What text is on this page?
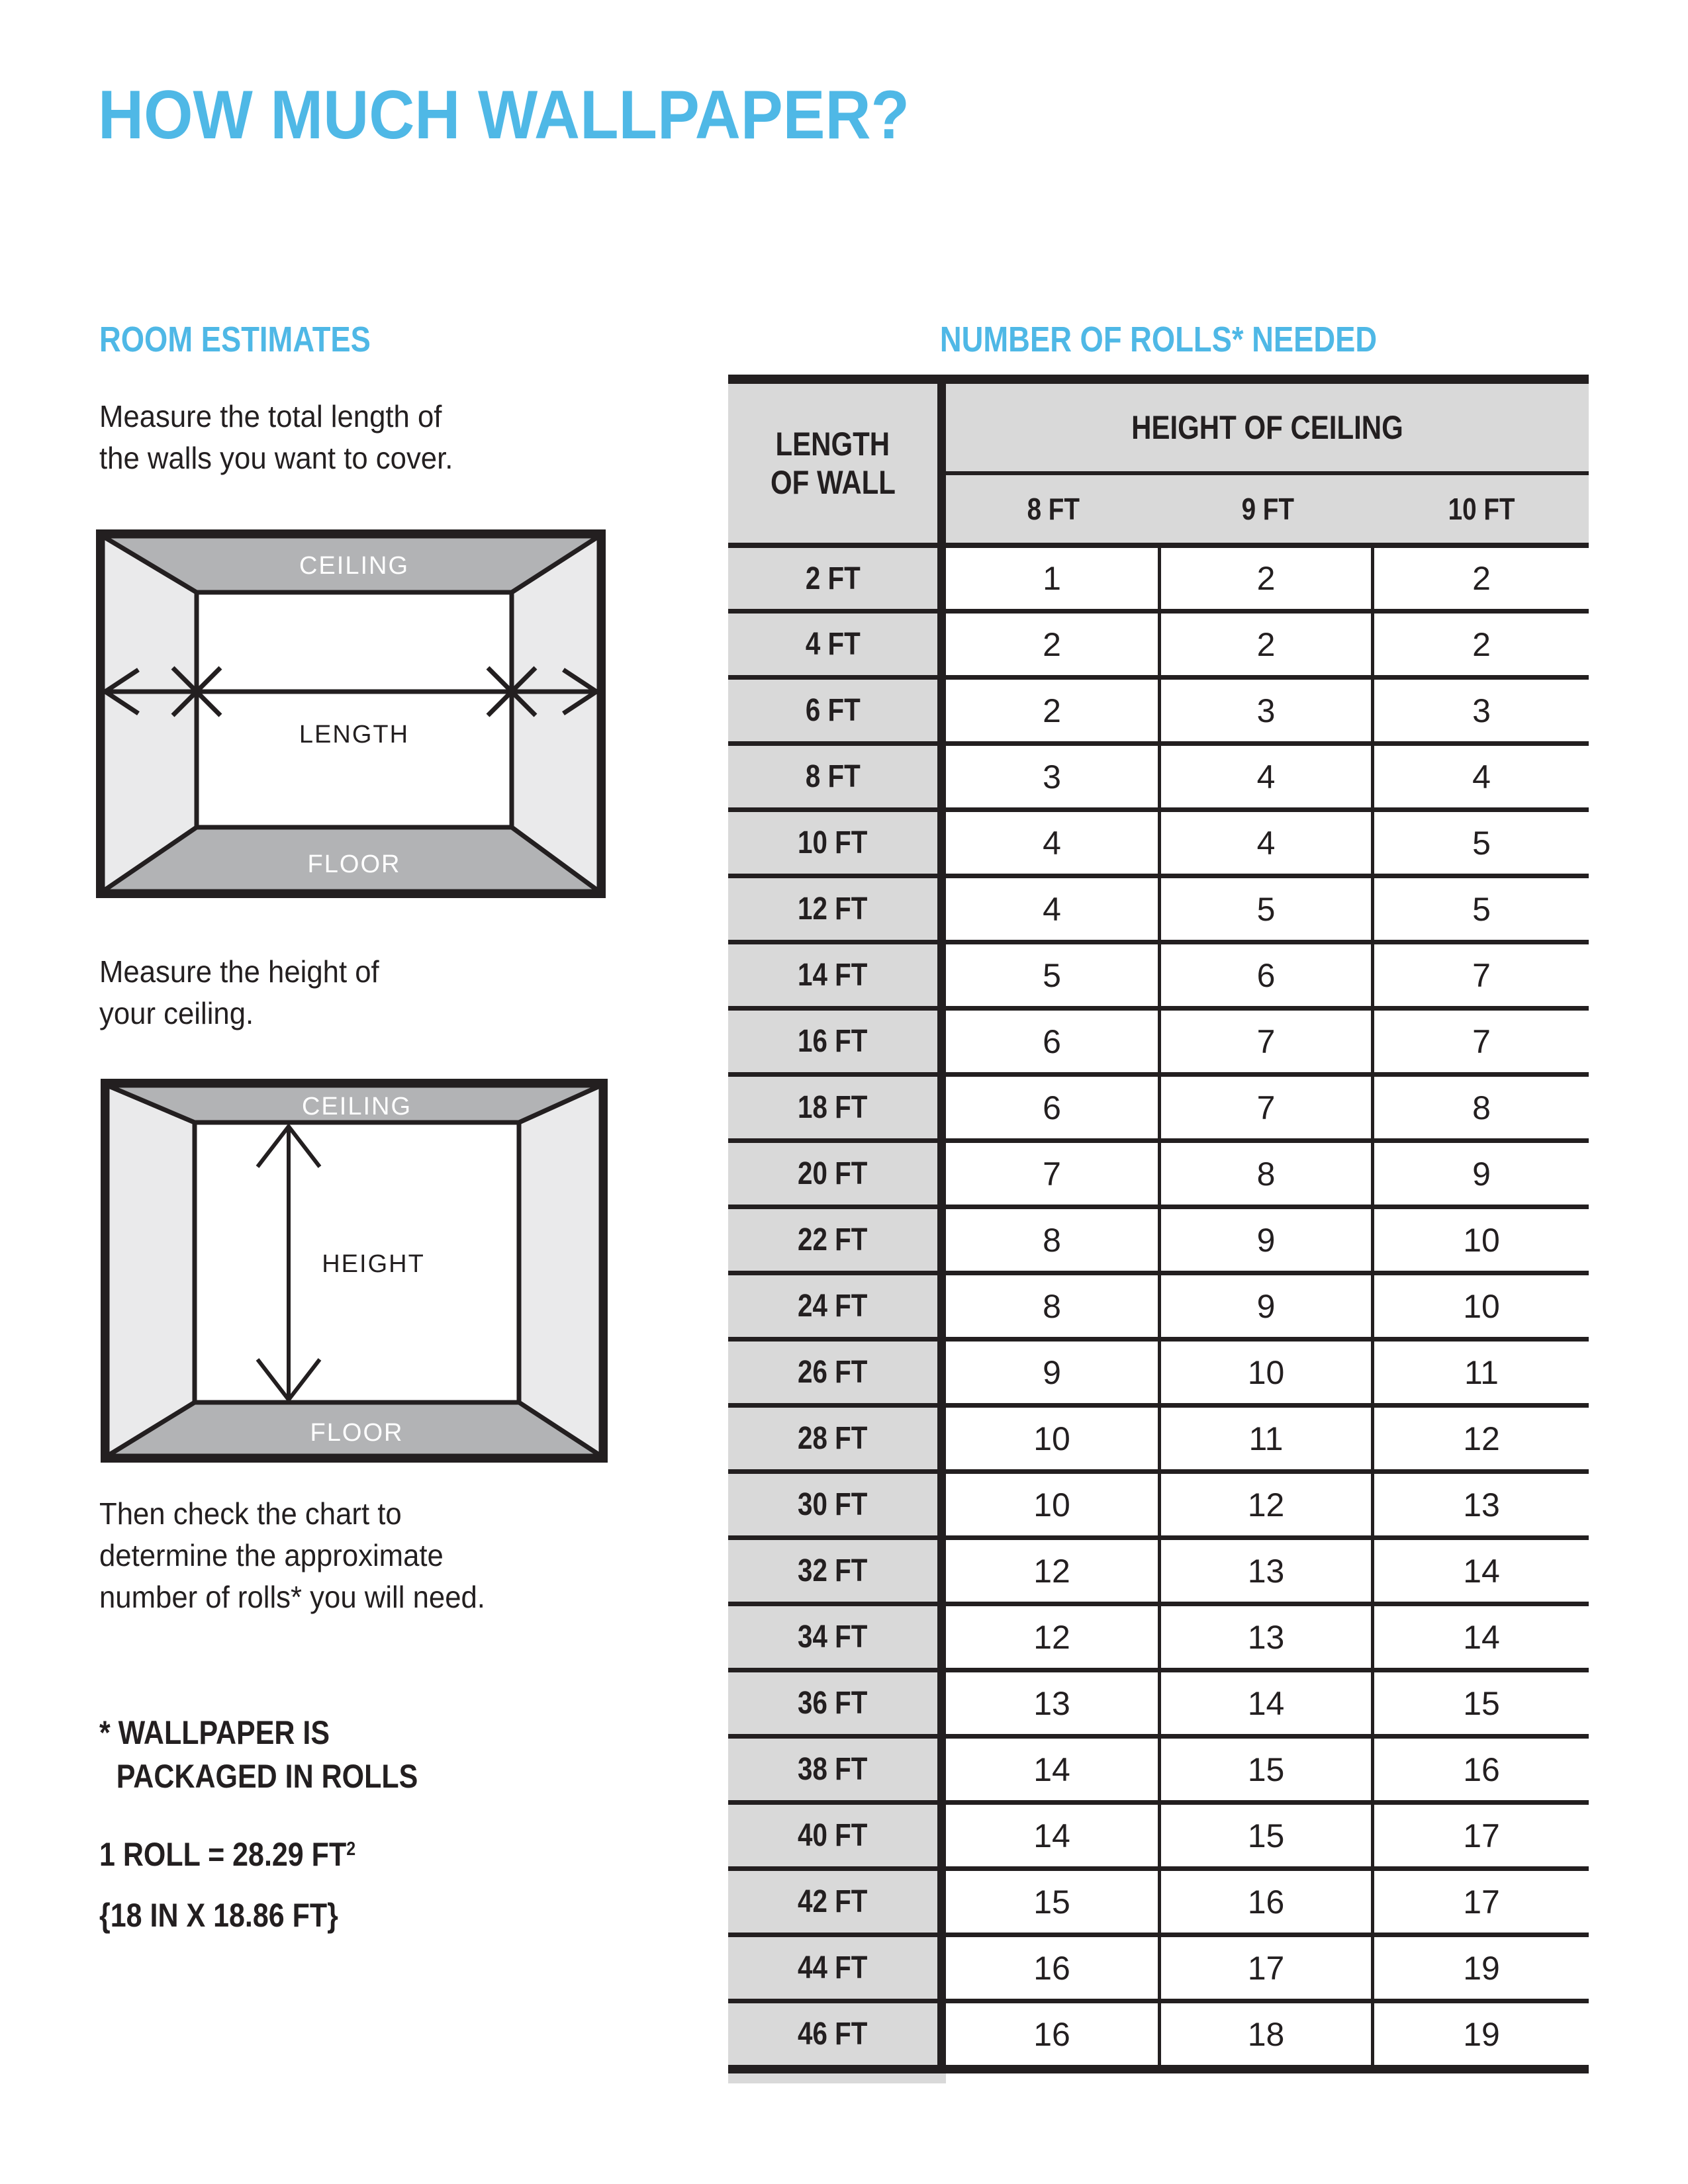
HOW MUCH WALLPAPER?
ROOM ESTIMATES
Measure the total length of
the walls you want to cover.
CEILING
LENGTH
FLOOR
Measure the height of
your ceiling.
CEILING
HEIGHT
FLOOR
Then check the chart to
determine the approximate
number of rolls* you will need.
* WALLPAPER IS
PACKAGED IN ROLLS
1 ROLL = 28.29 $FT^2$
{18 IN X 18.86 FT}
NUMBER OF ROLLS* NEEDED
LENGTH
OF WALL
HEIGHT OF CEILING
8 FT	9 FT	10 FT
2 FT	1	2	2
4 FT	2	2	2
6 FT	2	3	3
8 FT	3	4	4
10 FT	4	4	5
12 FT	4	5	5
14 FT	5	6	7
16 FT	6	7	7
18 FT	6	7	8
20 FT	7	8	9
22 FT	8	9	10
24 FT	8	9	10
26 FT	9	10	11
28 FT	10	11	12
30 FT	10	12	13
32 FT	12	13	14
34 FT	12	13	14
36 FT	13	14	15
38 FT	14	15	16
40 FT	14	15	17
42 FT	15	16	17
44 FT	16	17	19
46 FT	16	18	19
